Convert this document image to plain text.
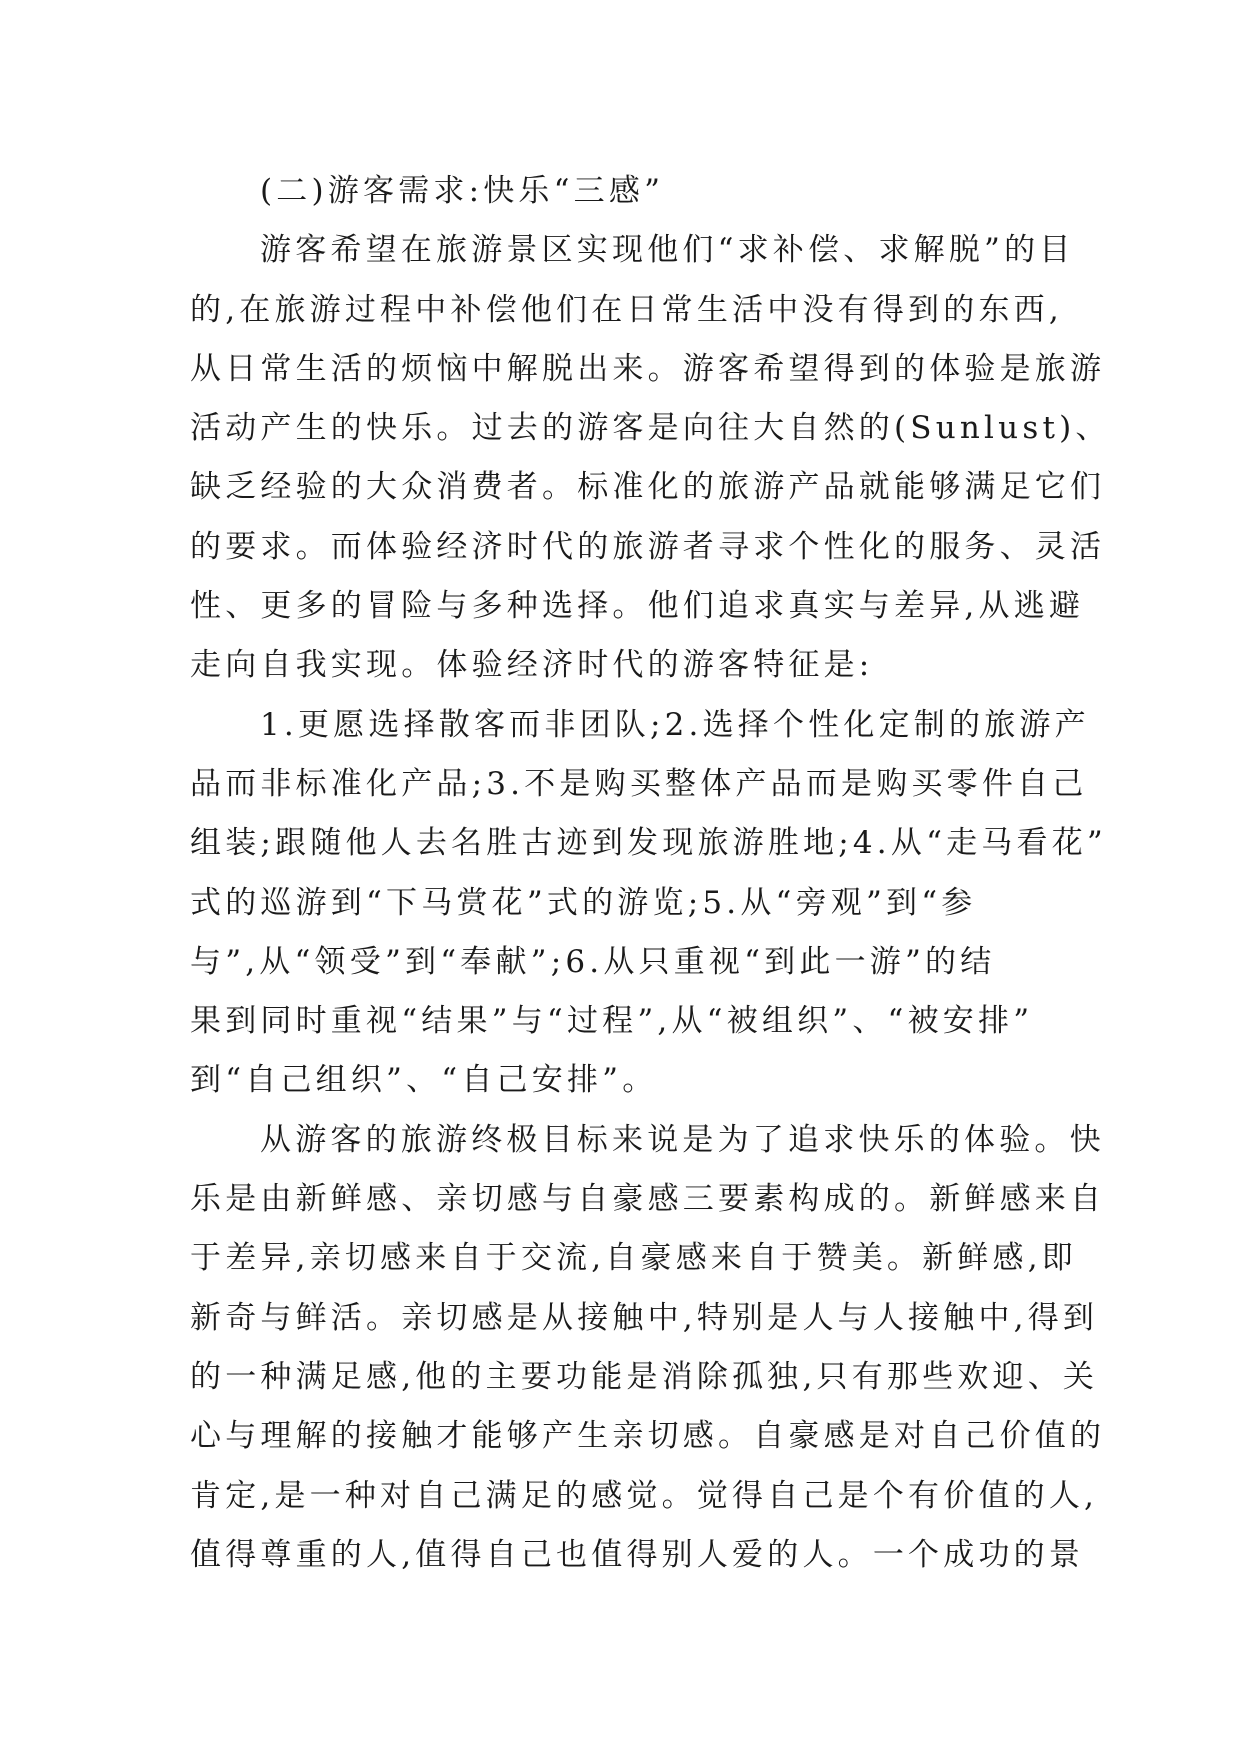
(二)游客需求:快乐“三感”
游客希望在旅游景区实现他们“求补偿、求解脱”的目
的,在旅游过程中补偿他们在日常生活中没有得到的东西,
从日常生活的烦恼中解脱出来。游客希望得到的体验是旅游
活动产生的快乐。过去的游客是向往大自然的(Sunlust)、
缺乏经验的大众消费者。标准化的旅游产品就能够满足它们
的要求。而体验经济时代的旅游者寻求个性化的服务、灵活
性、更多的冒险与多种选择。他们追求真实与差异,从逃避
走向自我实现。体验经济时代的游客特征是:
1.更愿选择散客而非团队;2.选择个性化定制的旅游产
品而非标准化产品;3.不是购买整体产品而是购买零件自己
组装;跟随他人去名胜古迹到发现旅游胜地;4.从“走马看花”
式的巡游到“下马赏花”式的游览;5.从“旁观”到“参
与”,从“领受”到“奉献”;6.从只重视“到此一游”的结
果到同时重视“结果”与“过程”,从“被组织”、“被安排”
到“自己组织”、“自己安排”。
从游客的旅游终极目标来说是为了追求快乐的体验。快
乐是由新鲜感、亲切感与自豪感三要素构成的。新鲜感来自
于差异,亲切感来自于交流,自豪感来自于赞美。新鲜感,即
新奇与鲜活。亲切感是从接触中,特别是人与人接触中,得到
的一种满足感,他的主要功能是消除孤独,只有那些欢迎、关
心与理解的接触才能够产生亲切感。自豪感是对自己价值的
肯定,是一种对自己满足的感觉。觉得自己是个有价值的人,
值得尊重的人,值得自己也值得别人爱的人。一个成功的景
